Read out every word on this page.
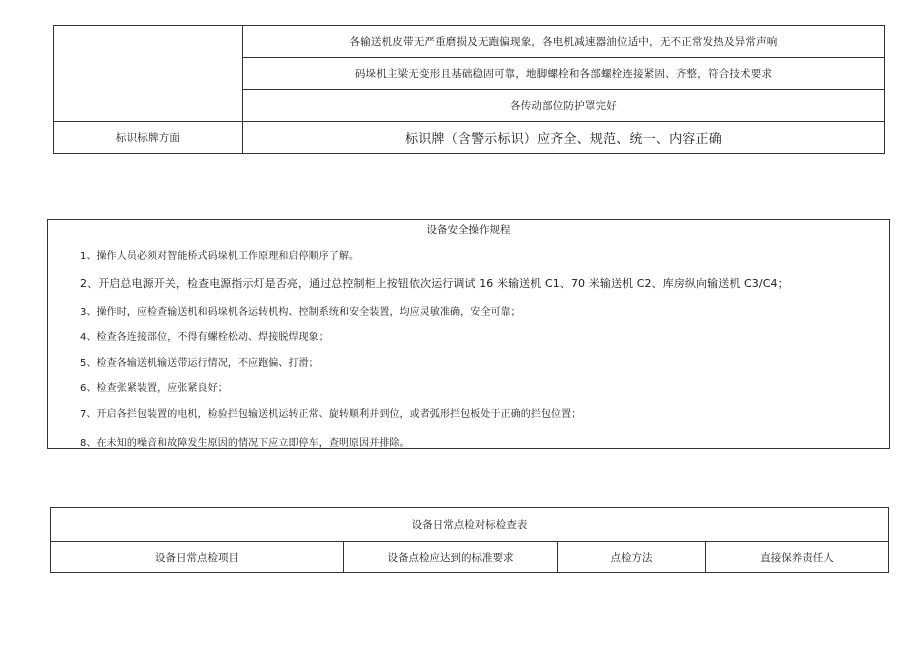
各输送机皮带无严重磨损及无跑偏现象，各电机减速器油位适中，无不正常发热及异常声响
码垛机主梁无变形且基础稳固可靠，地脚螺栓和各部螺栓连接紧固、齐整，符合技术要求
各传动部位防护罩完好
标识标牌方面	标识牌（含警示标识）应齐全、规范、统一、内容正确
设备安全操作规程
1、操作人员必须对智能桥式码垛机工作原理和启停顺序了解。
2、开启总电源开关，检查电源指示灯是否亮，通过总控制柜上按钮依次运行调试 16 米输送机 C1、70 米输送机 C2、库房纵向输送机 C3/C4；
3、操作时，应检查输送机和码垛机各运转机构、控制系统和安全装置，均应灵敏准确，安全可靠；
4、检查各连接部位，不得有螺栓松动、焊接脱焊现象；
5、检查各输送机输送带运行情况，不应跑偏、打滑；
6、检查张紧装置，应张紧良好；
7、开启各拦包装置的电机，检验拦包输送机运转正常、旋转顺利并到位，或者弧形拦包板处于正确的拦包位置；
8、在未知的噪音和故障发生原因的情况下应立即停车，查明原因并排除。
设备日常点检对标检查表
设备日常点检项目	设备点检应达到的标准要求	点检方法	直接保养责任人
